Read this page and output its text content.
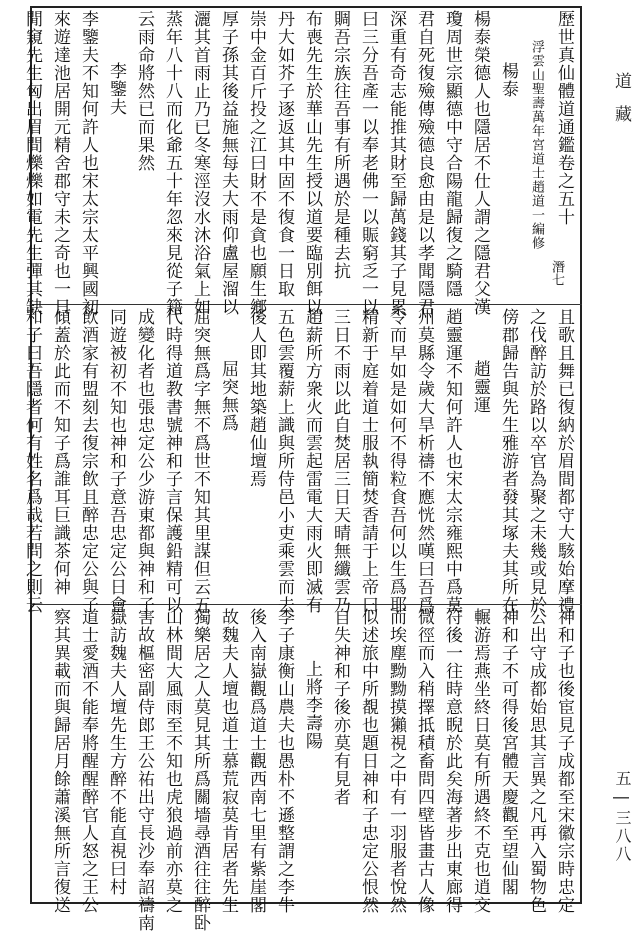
道藏
五 | 三八八
歷世真仙體道通鑑卷之五十
浮雲山聖壽萬年宮道士趙道一編修
楊泰
楊泰榮德人也隱居不仕人謂之隱君父漢
瓊周世宗顯德中守合陽龍歸復之騎隱
君自死復殮傳殮德良愈由是以孝聞隱君
深重有奇志能推其財至歸萬錢其子見累
曰三分吾產一以奉老佛一以賑窮乏一以
賙吾宗族往吾事有所遇於是種去抗
布喪先生於華山先生授以道要臨別餌以
丹大如芥子逐返其中固不復食一日取
崇中金百斤投之江曰財不是貪也願生鄉
厚子孫其後益施無每夫大雨仰盧屋溜以
灑其首雨止乃已冬寒涇沒水沐浴氣上如
蒸年八十八而化爺五十年忽來見從子籍
云雨命將然已而果然
李鑒夫
李鑒夫不知何許人也宋太宗太平興國初
來遊達池居開元精舍郡守未之奇也一日
閒窺先生匈出眉間爍爍如電先生彈其缺	潛七
且歌且舞已復納於眉間都守大駭始摩禮
之伐醉訪於路以卒官為聚之未幾或見於
傍郡歸告與先生雅游者發其塚夫其所在
趙靈運
趙靈運不知何許人也宋太宗雍熙中爲莫
州莫縣令歲大旱析禱不應恍然嘆曰吾爲
令而早如是如何不得粒食吾何以生爲耶
精新于庭着道士服執簡焚香請于上帝曰
三日不雨以此自焚居三日天晴無纖雲乃
趙薪所方衆火而雲起雷電大雨火即滅有
五色雲覆薪上識與所侍邑小吏乘雲而去
後人即其地築趙仙壇焉
屈突無爲
屈突無爲字無不爲世不知其里謀但云五
代時得道教書號神和子言保護鉛精可以
成變化者也張忠定公少游東都與神和子
同遊被初不知也神和子意吾忠定公日會
飲酒家有盟刻去復宗飲且醉忠定公與子
傾蓋於此而不知子爲誰耳巨識茶何神
和子曰吾隱者何有姓名爲哉若問之則云
神和子也後宦見子成都至宋徽宗時忠定
公出守成都始思其言異之凡再入蜀物色
神和子不可得後宮體天慶觀至望仙閣
輾游焉燕坐終日莫有所遇終不克也逍交
符後一往時意睨於此矣海著步出東廊得
微徑而入稍擇抵積畜問四壁皆畫古人像
而埃塵黝黝摸獺視之中有一羽服者悅然
似述旅中所覩也題日神和子忠定公恨然
自失神和子後亦莫有見者
上將李壽陽
李子康衡山農夫也愚朴不遜整謂之李牛
後入南嶽觀爲道士觀西南七里有紫崖閣
故魏夫人壇也道士慕荒寂莫肯居者先生
獨樂居之人莫見其所爲關墻尋酒往往醉卧
山林間大風雨至不知也虎狼過前亦莫之
害故樞密副侍郎王公祐出守長沙奉詔禱南
嶽訪魏夫人壇先生方醉不能直視曰村
道士愛酒不能奉將醒醒醉官人怒之王公
察其異載而與歸居月餘蕭溪無所言復送
